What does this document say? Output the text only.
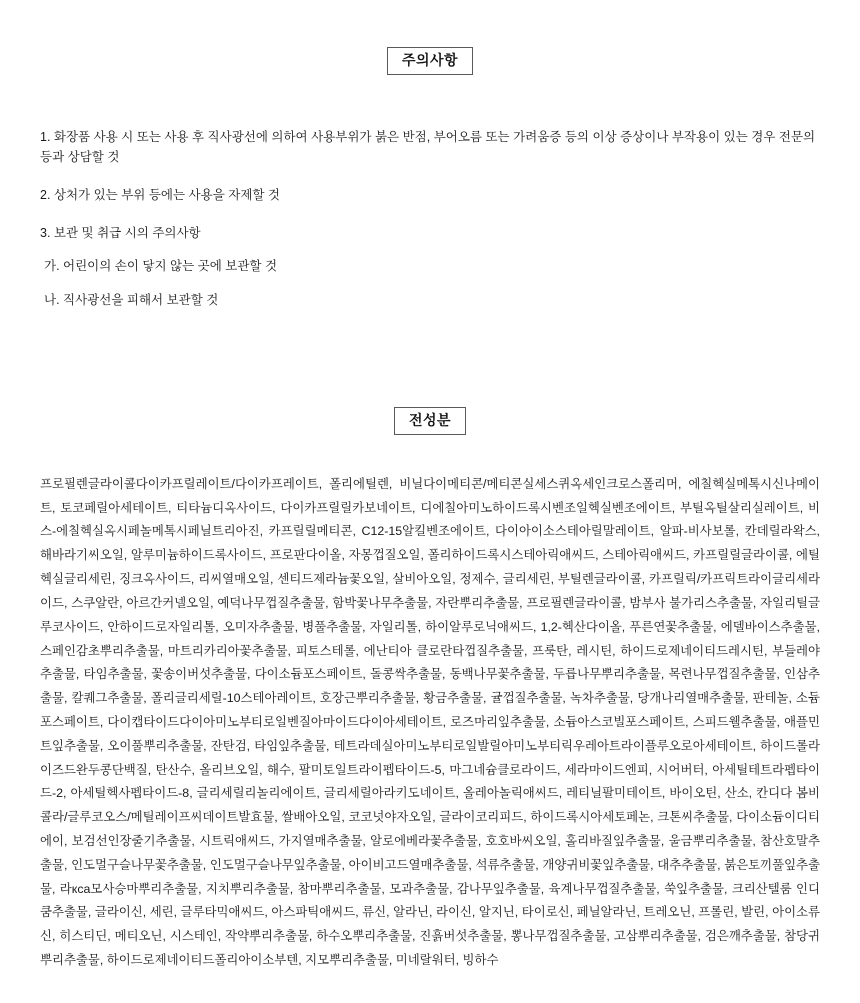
주의사항

1. 화장품 사용 시 또는 사용 후 직사광선에 의하여 사용부위가 붉은 반점, 부어오름 또는 가려움증 등의 이상 증상이나 부작용이 있는 경우 전문의 등과 상담할 것

2. 상처가 있는 부위 등에는 사용을 자제할 것

3. 보관 및 취급 시의 주의사항

가. 어린이의 손이 닿지 않는 곳에 보관할 것

나. 직사광선을 피해서 보관할 것

전성분
프로필렌글라이콜다이카프릴레이트/다이카프레이트, 폴리에틸렌, 비닐다이메티콘/메티콘실세스퀴옥세인크로스폴리머, 에칠헥실메톡시신나메이트, 토코페릴아세테이트, 티타늄디옥사이드, 다이카프릴릴카보네이트, 디에칠아미노하이드록시벤조일헥실벤조에이트, 부틸옥틸살리실레이트, 비스-에칠헥실옥시페놀메톡시페닐트리아진, 카프릴릴메티콘, C12-15알킬벤조에이트, 다이아이소스테아릴말레이트, 알파-비사보롤, 칸데릴라왁스, 해바라기씨오일, 알루미늄하이드록사이드, 프로판다이올, 자몽껍질오일, 폴리하이드록시스테아릭애씨드, 스테아릭애씨드, 카프릴릴글라이콜, 에틸헥실글리세린, 징크옥사이드, 리씨열매오일, 센티드제라늄꽃오일, 살비아오일, 정제수, 글리세린, 부틸렌글라이콜, 카프릴릭/카프릭트라이글리세라이드, 스쿠알란, 아르간커넬오일, 예덕나무껍질추출물, 함박꽃나무추출물, 자란뿌리추출물, 프로필렌글라이콜, 밤부사 불가리스추출물, 자일리틸글루코사이드, 안하이드로자일리톨, 오미자추출물, 병풀추출물, 자일리톨, 하이알루로닉애씨드, 1,2-헥산다이올, 푸른연꽃추출물, 에델바이스추출물, 스페인감초뿌리추출물, 마트리카리아꽃추출물, 피토스테롤, 에난티아 클로란타껍질추출물, 프룩탄, 레시틴, 하이드로제네이티드레시틴, 부들레야추출물, 타임추출물, 꽃송이버섯추출물, 다이소듐포스페이트, 돌콩싹추출물, 동백나무꽃추출물, 두릅나무뿌리추출물, 목련나무껍질추출물, 인삼추출물, 칼퀘그추출물, 폴리글리세릴-10스테아레이트, 호장근뿌리추출물, 황금추출물, 귤껍질추출물, 녹차추출물, 당개나리열매추출물, 판테놀, 소듐포스페이트, 다이캡타이드다이아미노부티로일벤질아마이드다이아세테이트, 로즈마리잎추출물, 소듐아스코빌포스페이트, 스피드웰추출물, 애플민트잎추출물, 오이풀뿌리추출물, 잔탄검, 타임잎추출물, 테트라데실아미노부티로일발릴아미노부티릭우레아트라이플루오로아세테이트, 하이드롤라이즈드완두콩단백질, 탄산수, 올리브오일, 해수, 팔미토일트라이펩타이드-5, 마그네슘클로라이드, 세라마이드엔피, 시어버터, 아세틸테트라펩타이드-2, 아세틸헥사펩타이드-8, 글리세릴리놀리에이트, 글리세릴아라키도네이트, 올레아놀릭애씨드, 레티닐팔미테이트, 바이오틴, 산소, 칸디다 봄비콜라/글루코오스/메틸레이프씨데이트발효물, 쌀배아오일, 코코넛야자오일, 글라이코리피드, 하이드록시아세토페논, 크톤씨추출물, 다이소듐이디티에이, 보검선인장줄기추출물, 시트릭애씨드, 가지열매추출물, 알로에베라꽃추출물, 호호바씨오일, 홀리바질잎추출물, 울금뿌리추출물, 참산호말추출물, 인도멀구슬나무꽃추출물, 인도멀구슬나무잎추출물, 아이비고드열매추출물, 석류추출물, 개양귀비꽃잎추출물, 대추추출물, 붉은토끼풀잎추출물, 라ксa모사승마뿌리추출물, 지치뿌리추출물, 참마뿌리추출물, 모과추출물, 감나무잎추출물, 육계나무껍질추출물, 쑥잎추출물, 크리산텔룸 인디쿰추출물, 글라이신, 세린, 글루타믹애씨드, 아스파틱애씨드, 류신, 알라닌, 라이신, 알지닌, 타이로신, 페닐알라닌, 트레오닌, 프롤린, 발린, 아이소류신, 히스티딘, 메티오닌, 시스테인, 작약뿌리추출물, 하수오뿌리추출물, 진흙버섯추출물, 뽕나무껍질추출물, 고삼뿌리추출물, 검은깨추출물, 참당귀뿌리추출물, 하이드로제네이티드폴리아이소부텐, 지모뿌리추출물, 미네랄워터, 빙하수
